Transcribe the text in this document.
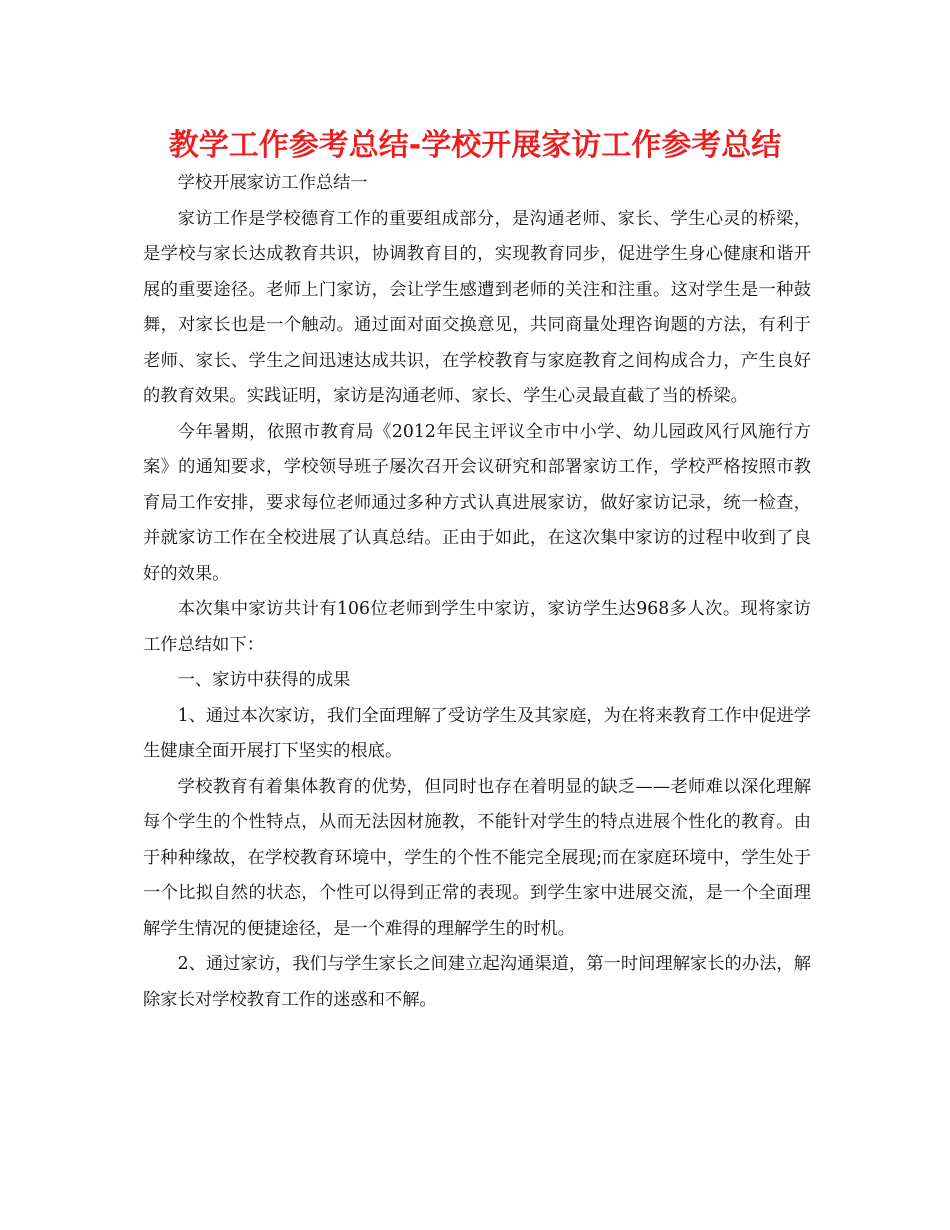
教学工作参考总结-学校开展家访工作参考总结

学校开展家访工作总结一

家访工作是学校德育工作的重要组成部分，是沟通老师、家长、学生心灵的桥梁，是学校与家长达成教育共识，协调教育目的，实现教育同步，促进学生身心健康和谐开展的重要途径。老师上门家访，会让学生感遭到老师的关注和注重。这对学生是一种鼓舞，对家长也是一个触动。通过面对面交换意见，共同商量处理咨询题的方法，有利于老师、家长、学生之间迅速达成共识，在学校教育与家庭教育之间构成合力，产生良好的教育效果。实践证明，家访是沟通老师、家长、学生心灵最直截了当的桥梁。

今年暑期，依照市教育局《2012年民主评议全市中小学、幼儿园政风行风施行方案》的通知要求，学校领导班子屡次召开会议研究和部署家访工作，学校严格按照市教育局工作安排，要求每位老师通过多种方式认真进展家访，做好家访记录，统一检查，并就家访工作在全校进展了认真总结。正由于如此，在这次集中家访的过程中收到了良好的效果。

本次集中家访共计有106位老师到学生中家访，家访学生达968多人次。现将家访工作总结如下：

一、家访中获得的成果

1、通过本次家访，我们全面理解了受访学生及其家庭，为在将来教育工作中促进学生健康全面开展打下坚实的根底。

学校教育有着集体教育的优势，但同时也存在着明显的缺乏——老师难以深化理解每个学生的个性特点，从而无法因材施教，不能针对学生的特点进展个性化的教育。由于种种缘故，在学校教育环境中，学生的个性不能完全展现;而在家庭环境中，学生处于一个比拟自然的状态，个性可以得到正常的表现。到学生家中进展交流，是一个全面理解学生情况的便捷途径，是一个难得的理解学生的时机。

2、通过家访，我们与学生家长之间建立起沟通渠道，第一时间理解家长的办法，解除家长对学校教育工作的迷惑和不解。
